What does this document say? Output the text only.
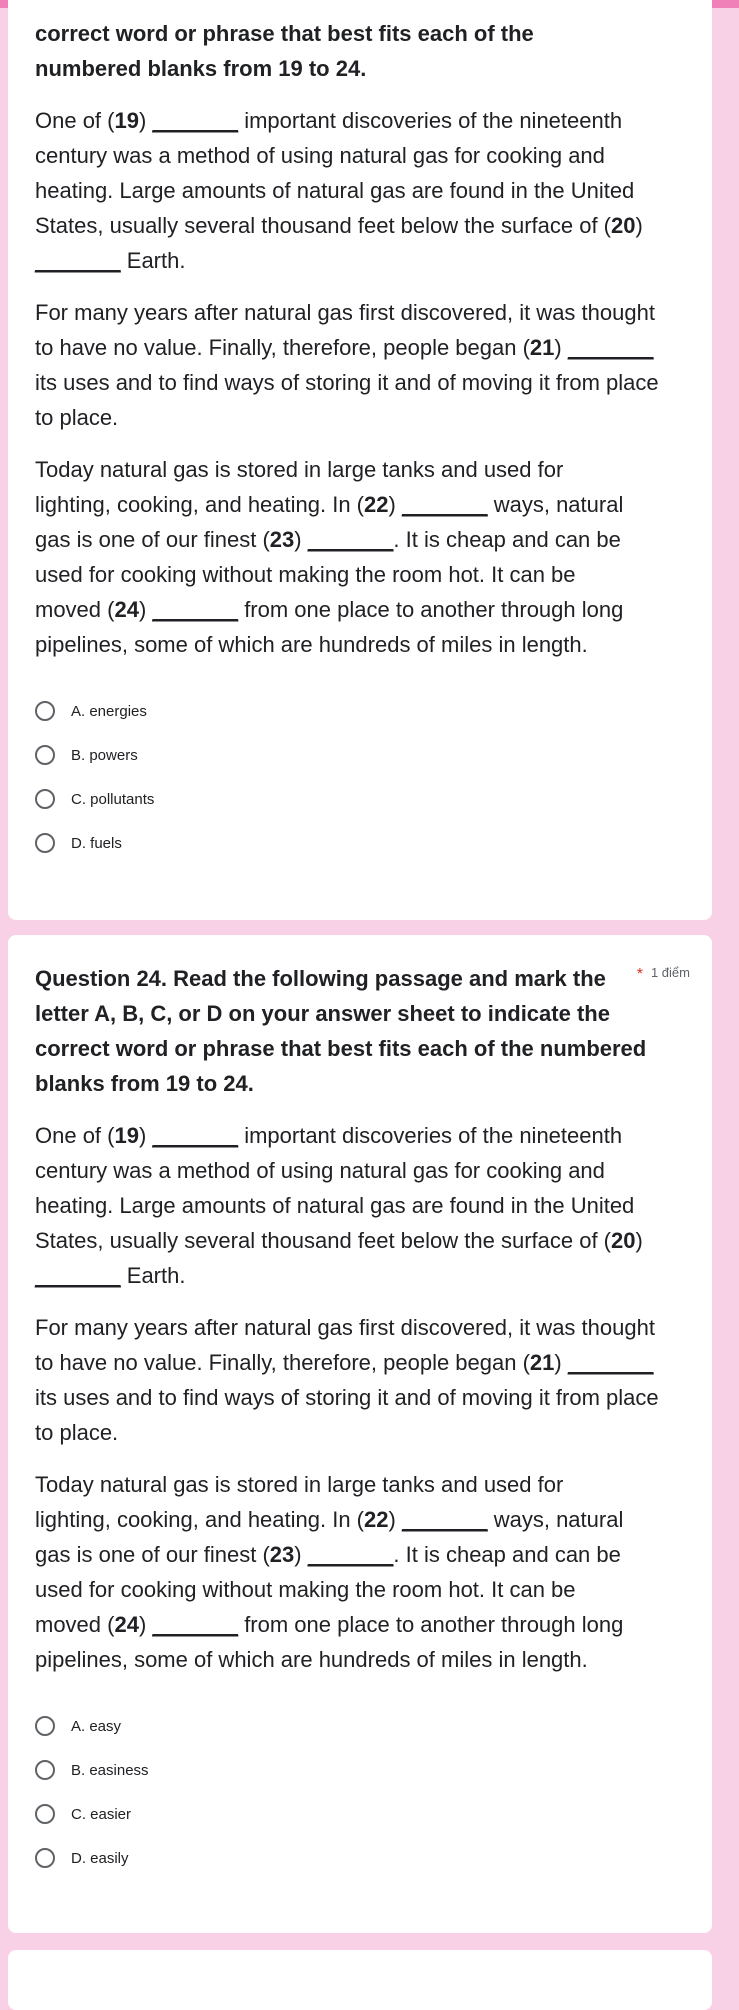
correct word or phrase that best fits each of the numbered blanks from 19 to 24.

One of (19) _______ important discoveries of the nineteenth century was a method of using natural gas for cooking and heating. Large amounts of natural gas are found in the United States, usually several thousand feet below the surface of (20) _______ Earth.

For many years after natural gas first discovered, it was thought to have no value. Finally, therefore, people began (21) _______ its uses and to find ways of storing it and of moving it from place to place.

Today natural gas is stored in large tanks and used for lighting, cooking, and heating. In (22) _______ ways, natural gas is one of our finest (23) _______. It is cheap and can be used for cooking without making the room hot. It can be moved (24) _______ from one place to another through long pipelines, some of which are hundreds of miles in length.

A. energies
B. powers
C. pollutants
D. fuels
* 1 điểm

Question 24. Read the following passage and mark the letter A, B, C, or D on your answer sheet to indicate the correct word or phrase that best fits each of the numbered blanks from 19 to 24.

One of (19) _______ important discoveries of the nineteenth century was a method of using natural gas for cooking and heating. Large amounts of natural gas are found in the United States, usually several thousand feet below the surface of (20) _______ Earth.

For many years after natural gas first discovered, it was thought to have no value. Finally, therefore, people began (21) _______ its uses and to find ways of storing it and of moving it from place to place.

Today natural gas is stored in large tanks and used for lighting, cooking, and heating. In (22) _______ ways, natural gas is one of our finest (23) _______. It is cheap and can be used for cooking without making the room hot. It can be moved (24) _______ from one place to another through long pipelines, some of which are hundreds of miles in length.

A. easy
B. easiness
C. easier
D. easily
